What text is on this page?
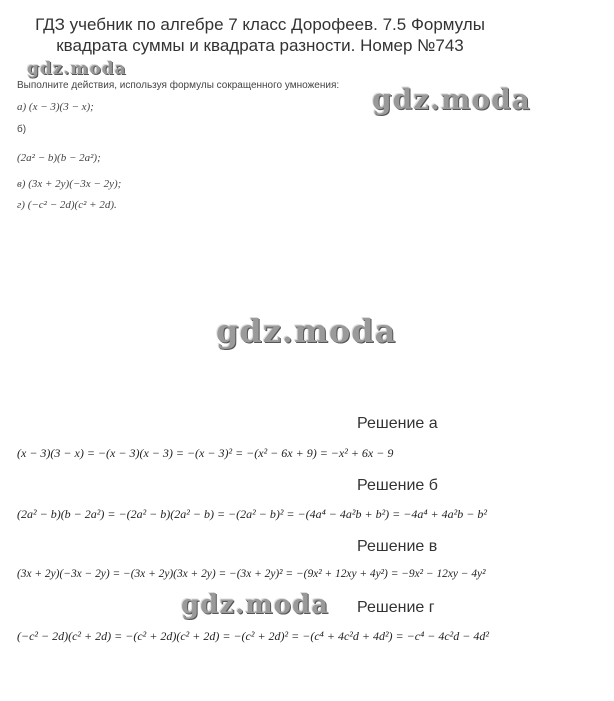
ГДЗ учебник по алгебре 7 класс Дорофеев. 7.5 Формулы
квадрата суммы и квадрата разности. Номер №743
gdz.moda
Выполните действия, используя формулы сокращенного умножения:
а) (x − 3)(3 − x);
б)
(2a² − b)(b − 2a²);
в) (3x + 2y)(−3x − 2y);
г) (−c² − 2d)(c² + 2d).
gdz.moda
gdz.moda
Решение а
(x − 3)(3 − x) = −(x − 3)(x − 3) = −(x − 3)² = −(x² − 6x + 9) = −x² + 6x − 9
Решение б
(2a² − b)(b − 2a²) = −(2a² − b)(2a² − b) = −(2a² − b)² = −(4a⁴ − 4a²b + b²) = −4a⁴ + 4a²b − b²
Решение в
(3x + 2y)(−3x − 2y) = −(3x + 2y)(3x + 2y) = −(3x + 2y)² = −(9x² + 12xy + 4y²) = −9x² − 12xy − 4y²
gdz.moda Решение г
(−c² − 2d)(c² + 2d) = −(c² + 2d)(c² + 2d) = −(c² + 2d)² = −(c⁴ + 4c²d + 4d²) = −c⁴ − 4c²d − 4d²
